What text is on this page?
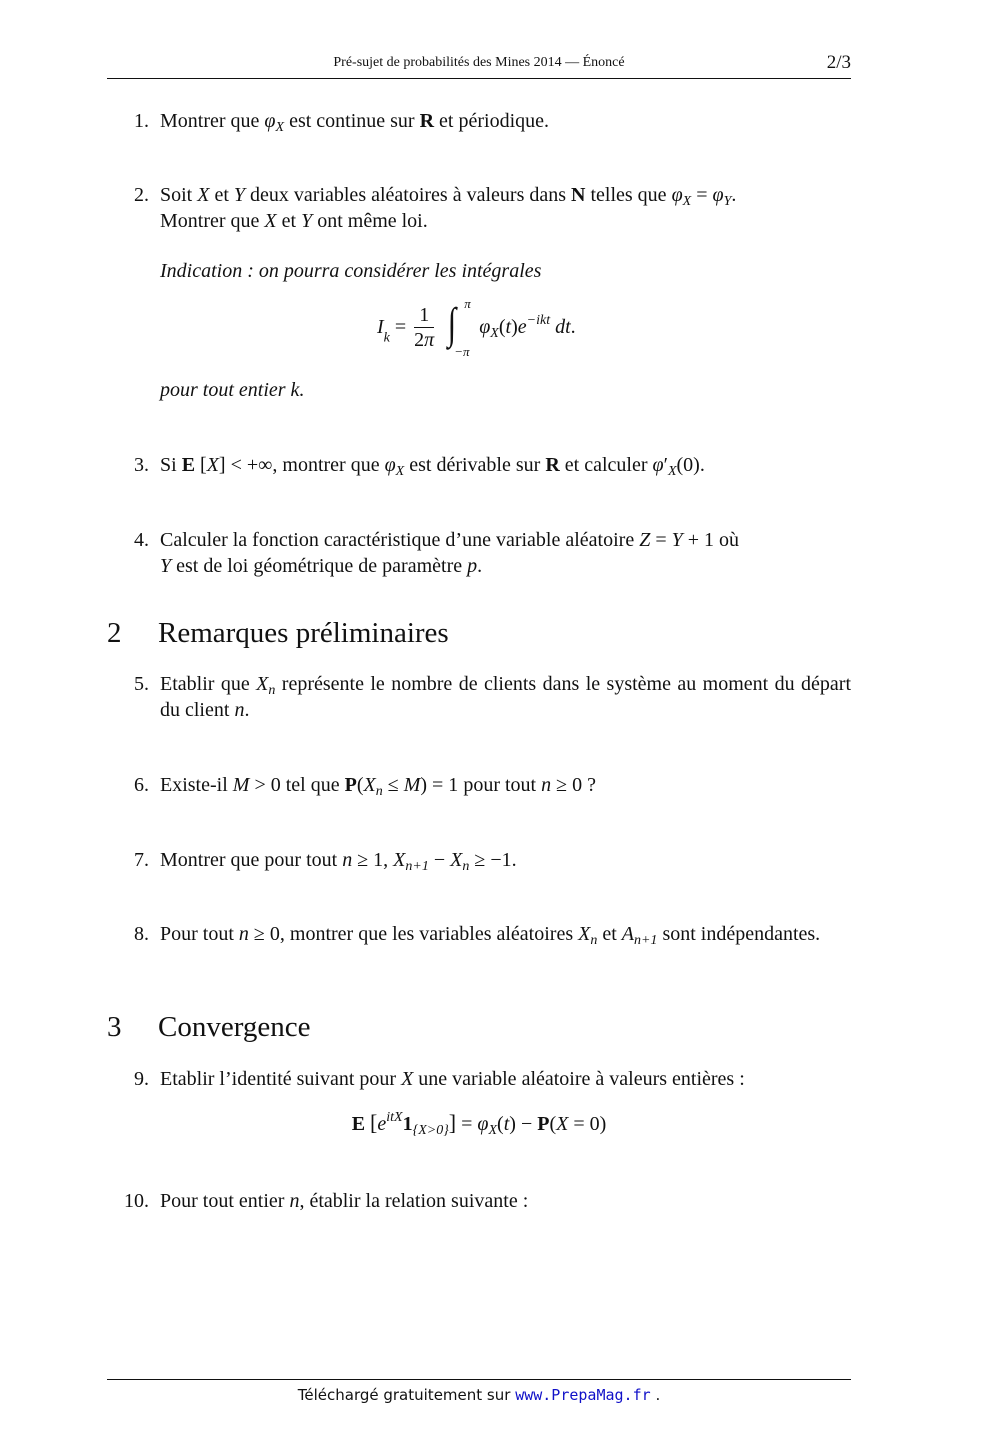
Pré-sujet de probabilités des Mines 2014 — Énoncé	2/3
1. Montrer que $\varphi_X$ est continue sur R et périodique.
2. Soit X et Y deux variables aléatoires à valeurs dans N telles que $\varphi_X = \varphi_Y$.
Montrer que X et Y ont même loi.
Indication : on pourra considérer les intégrales
$I_k = \frac{1}{2\pi}$
∫ π
−π
$\varphi_X(t)e^{-ikt}$ dt.
pour tout entier k.
3. Si E [X] < +∞, montrer que $\varphi_X$ est dérivable sur R et calculer $\varphi'_X(0)$.
4. Calculer la fonction caractéristique d’une variable aléatoire Z = Y + 1 où
Y est de loi géométrique de paramètre p.
2 Remarques préliminaires
5. Etablir que $X_n$ représente le nombre de clients dans le système au moment du départ du client n.
6. Existe-il M > 0 tel que $P(X_n \le M) = 1$ pour tout n ≥ 0 ?
7. Montrer que pour tout n ≥ 1, $X_{n+1} - X_n \ge -1$.
8. Pour tout n ≥ 0, montrer que les variables aléatoires $X_n$ et $A_{n+1}$ sont indépendantes.
3 Convergence
9. Etablir l’identité suivant pour X une variable aléatoire à valeurs entières :
E $[e^{itX}1_{\{X>0\}}] = \varphi_X(t) - P(X = 0)$
10. Pour tout entier n, établir la relation suivante :
Téléchargé gratuitement sur www.PrepaMag.fr .
